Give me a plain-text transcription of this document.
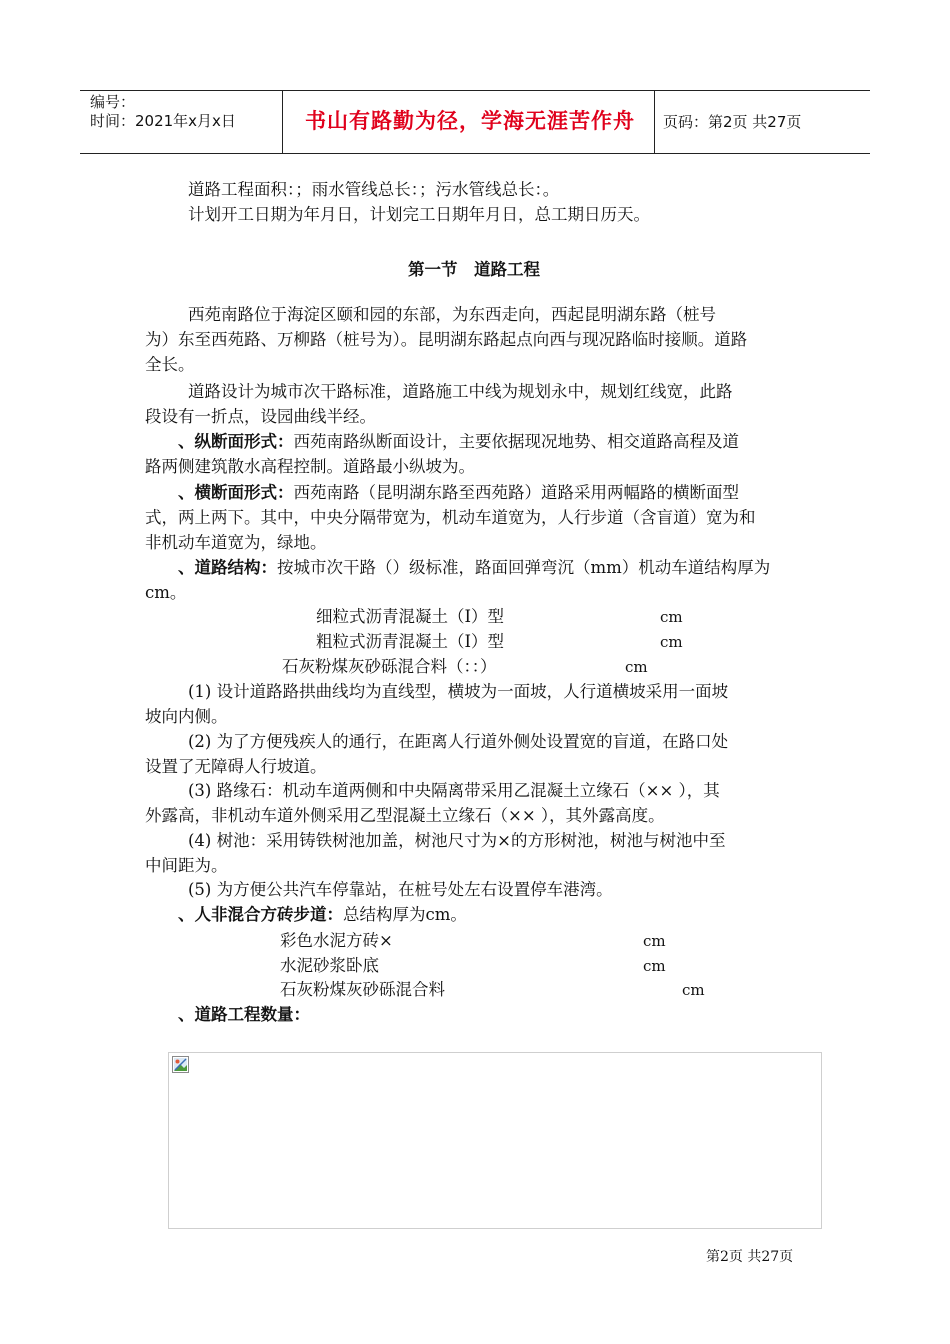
编号：
时间：2021年x月x日	书山有路勤为径，学海无涯苦作舟	页码：第2页 共27页
道路工程面积：；雨水管线总长：；污水管线总长：。
计划开工日期为年月日，计划完工日期年月日，总工期日历天。
第一节　道路工程
西苑南路位于海淀区颐和园的东部，为东西走向，西起昆明湖东路（桩号
为）东至西苑路、万柳路（桩号为）。昆明湖东路起点向西与现况路临时接顺。道路
全长。
道路设计为城市次干路标准，道路施工中线为规划永中，规划红线宽，此路
段设有一折点，设园曲线半经。
、纵断面形式：西苑南路纵断面设计，主要依据现况地势、相交道路高程及道
路两侧建筑散水高程控制。道路最小纵坡为。
、横断面形式：西苑南路（昆明湖东路至西苑路）道路采用两幅路的横断面型
式，两上两下。其中，中央分隔带宽为，机动车道宽为，人行步道（含盲道）宽为和
非机动车道宽为，绿地。
、道路结构：按城市次干路（）级标准，路面回弹弯沉（mm）机动车道结构厚为
cm。
细粒式沥青混凝土（Ⅰ）型	cm
粗粒式沥青混凝土（Ⅰ）型	cm
石灰粉煤灰砂砾混合料（：：）	cm
(1) 设计道路路拱曲线均为直线型，横坡为一面坡，人行道横坡采用一面坡
坡向内侧。
(2) 为了方便残疾人的通行，在距离人行道外侧处设置宽的盲道，在路口处
设置了无障碍人行坡道。
(3) 路缘石：机动车道两侧和中央隔离带采用乙混凝土立缘石（×× ），其
外露高，非机动车道外侧采用乙型混凝土立缘石（×× ），其外露高度。
(4) 树池：采用铸铁树池加盖，树池尺寸为×的方形树池，树池与树池中至
中间距为。
(5) 为方便公共汽车停靠站，在桩号处左右设置停车港湾。
、人非混合方砖步道：总结构厚为cm。
彩色水泥方砖×	cm
水泥砂浆卧底	cm
石灰粉煤灰砂砾混合料	cm
、道路工程数量：
第2页 共27页
